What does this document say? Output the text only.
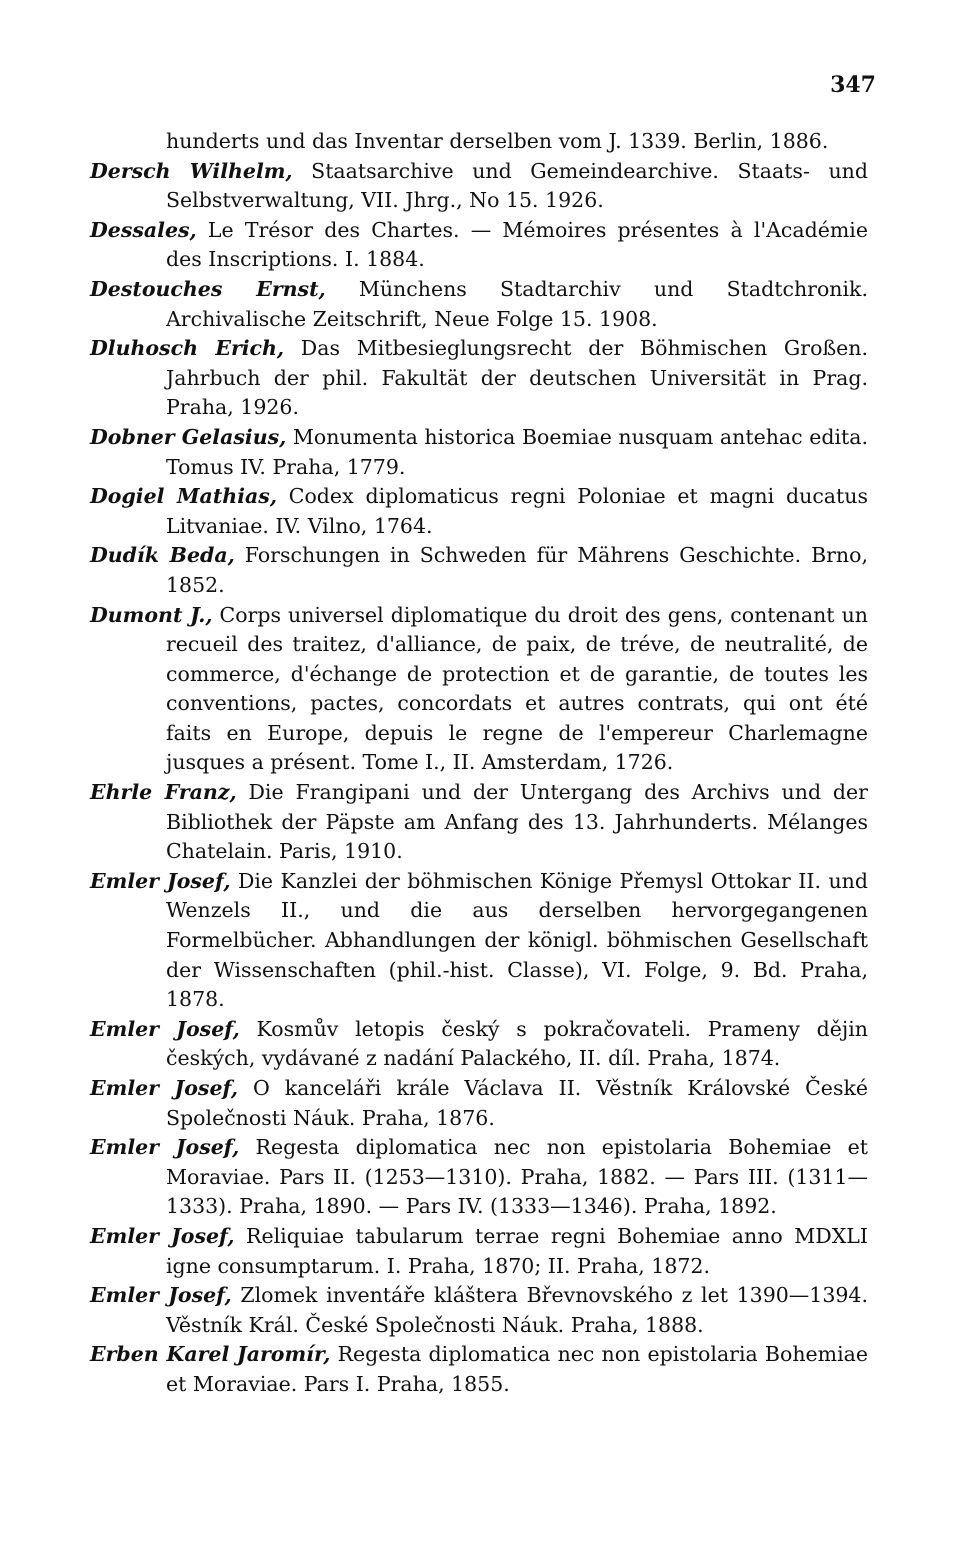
347

hunderts und das Inventar derselben vom J. 1339. Berlin, 1886.

Dersch Wilhelm, Staatsarchive und Gemeindearchive. Staats- und Selbstverwaltung, VII. Jhrg., No 15. 1926.

Dessales, Le Trésor des Chartes. — Mémoires présentes à l'Académie des Inscriptions. I. 1884.

Destouches Ernst, Münchens Stadtarchiv und Stadtchronik. Archivalische Zeitschrift, Neue Folge 15. 1908.

Dluhosch Erich, Das Mitbesieglungsrecht der Böhmischen Großen. Jahrbuch der phil. Fakultät der deutschen Universität in Prag. Praha, 1926.

Dobner Gelasius, Monumenta historica Boemiae nusquam antehac edita. Tomus IV. Praha, 1779.

Dogiel Mathias, Codex diplomaticus regni Poloniae et magni ducatus Litvaniae. IV. Vilno, 1764.

Dudík Beda, Forschungen in Schweden für Mährens Geschichte. Brno, 1852.

Dumont J., Corps universel diplomatique du droit des gens, contenant un recueil des traitez, d'alliance, de paix, de tréve, de neutralité, de commerce, d'échange de protection et de garantie, de toutes les conventions, pactes, concordats et autres contrats, qui ont été faits en Europe, depuis le regne de l'empereur Charlemagne jusques a présent. Tome I., II. Amsterdam, 1726.

Ehrle Franz, Die Frangipani und der Untergang des Archivs und der Bibliothek der Päpste am Anfang des 13. Jahrhunderts. Mélanges Chatelain. Paris, 1910.

Emler Josef, Die Kanzlei der böhmischen Könige Přemysl Ottokar II. und Wenzels II., und die aus derselben hervorgegangenen Formelbücher. Abhandlungen der königl. böhmischen Gesellschaft der Wissenschaften (phil.-hist. Classe), VI. Folge, 9. Bd. Praha, 1878.

Emler Josef, Kosmův letopis český s pokračovateli. Prameny dějin českých, vydávané z nadání Palackého, II. díl. Praha, 1874.

Emler Josef, O kanceláři krále Václava II. Věstník Královské České Společnosti Náuk. Praha, 1876.

Emler Josef, Regesta diplomatica nec non epistolaria Bohemiae et Moraviae. Pars II. (1253—1310). Praha, 1882. — Pars III. (1311—1333). Praha, 1890. — Pars IV. (1333—1346). Praha, 1892.

Emler Josef, Reliquiae tabularum terrae regni Bohemiae anno MDXLI igne consumptarum. I. Praha, 1870; II. Praha, 1872.

Emler Josef, Zlomek inventáře kláštera Břevnovského z let 1390—1394. Věstník Král. České Společnosti Náuk. Praha, 1888.

Erben Karel Jaromír, Regesta diplomatica nec non epistolaria Bohemiae et Moraviae. Pars I. Praha, 1855.
